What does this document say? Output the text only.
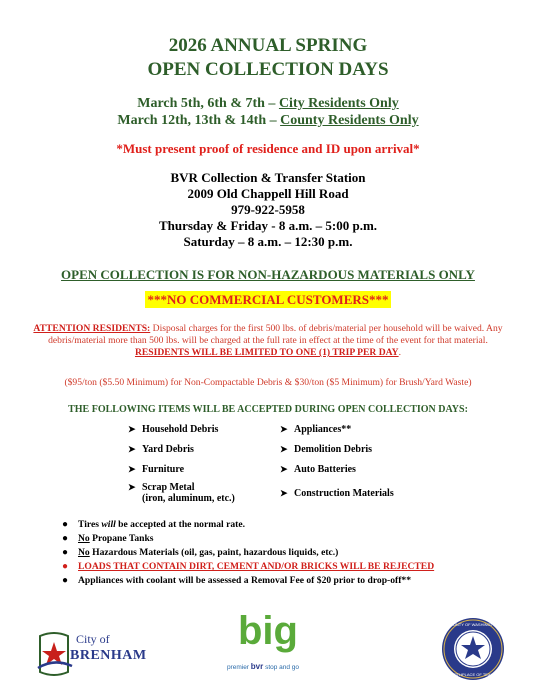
2026 ANNUAL SPRING
OPEN COLLECTION DAYS
March 5th, 6th & 7th – City Residents Only
March 12th, 13th & 14th – County Residents Only
*Must present proof of residence and ID upon arrival*
BVR Collection & Transfer Station
2009 Old Chappell Hill Road
979-922-5958
Thursday & Friday - 8 a.m. – 5:00 p.m.
Saturday – 8 a.m. – 12:30 p.m.
OPEN COLLECTION IS FOR NON-HAZARDOUS MATERIALS ONLY
***NO COMMERCIAL CUSTOMERS***
ATTENTION RESIDENTS: Disposal charges for the first 500 lbs. of debris/material per household will be waived. Any debris/material more than 500 lbs. will be charged at the full rate in effect at the time of the event for that material. RESIDENTS WILL BE LIMITED TO ONE (1) TRIP PER DAY.
($95/ton ($5.50 Minimum) for Non-Compactable Debris & $30/ton ($5 Minimum) for Brush/Yard Waste)
THE FOLLOWING ITEMS WILL BE ACCEPTED DURING OPEN COLLECTION DAYS:
➤ Household Debris
➤ Yard Debris
➤ Furniture
➤ Scrap Metal
(iron, aluminum, etc.)
➤ Appliances**
➤ Demolition Debris
➤ Auto Batteries
➤ Construction Materials
●	Tires will be accepted at the normal rate.
●	No Propane Tanks
●	No Hazardous Materials (oil, gas, paint, hazardous liquids, etc.)
●	LOADS THAT CONTAIN DIRT, CEMENT AND/OR BRICKS WILL BE REJECTED
●	Appliances with coolant will be assessed a Removal Fee of $20 prior to drop-off**
City of
BRENHAM
big
premier bvr stop and go
COUNTY OF WASHINGTON
BIRTHPLACE OF TEXAS
